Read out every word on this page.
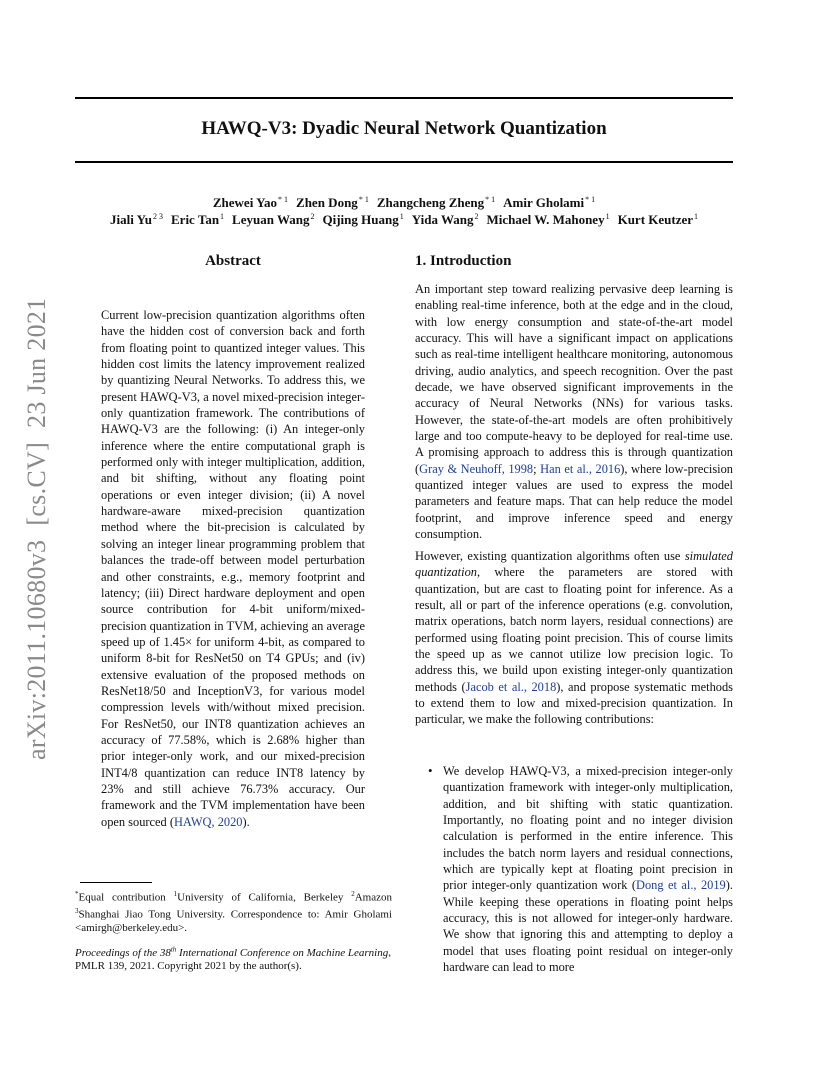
HAWQ-V3: Dyadic Neural Network Quantization
Zhewei Yao$^{* 1}$ Zhen Dong$^{* 1}$ Zhangcheng Zheng$^{* 1}$ Amir Gholami$^{* 1}$
Jiali $Yu^{2 3}$ Eric Tan$^1$ Leyuan Wang$^2$ Qijing Huang$^1$ Yida Wang$^2$ Michael W. Mahoney$^1$ Kurt Keutzer$^1$
arXiv:2011.10680v3[cs.CV]23 Jun 2021
Abstract

Current low-precision quantization algorithms often have the hidden cost of conversion back and forth from floating point to quantized integer values. This hidden cost limits the latency improvement realized by quantizing Neural Networks. To address this, we present HAWQ-V3, a novel mixed-precision integer-only quantization framework. The contributions of HAWQ-V3 are the following: (i) An integer-only inference where the entire computational graph is performed only with integer multiplication, addition, and bit shifting, without any floating point operations or even integer division; (ii) A novel hardware-aware mixed-precision quantization method where the bit-precision is calculated by solving an integer linear programming problem that balances the trade-off between model perturbation and other constraints, e.g., memory footprint and latency; (iii) Direct hardware deployment and open source contribution for 4-bit uniform/mixed-precision quantization in TVM, achieving an average speed up of 1.45× for uniform 4-bit, as compared to uniform 8-bit for ResNet50 on T4 GPUs; and (iv) extensive evaluation of the proposed methods on ResNet18/50 and InceptionV3, for various model compression levels with/without mixed precision. For ResNet50, our INT8 quantization achieves an accuracy of 77.58%, which is 2.68% higher than prior integer-only work, and our mixed-precision INT4/8 quantization can reduce INT8 latency by 23% and still achieve 76.73% accuracy. Our framework and the TVM implementation have been open sourced (HAWQ, 2020).

1. Introduction

An important step toward realizing pervasive deep learning is enabling real-time inference, both at the edge and in the cloud, with low energy consumption and state-of-the-art model accuracy. This will have a significant impact on applications such as real-time intelligent healthcare monitoring, autonomous driving, audio analytics, and speech recognition. Over the past decade, we have observed significant improvements in the accuracy of Neural Networks (NNs) for various tasks. However, the state-of-the-art models are often prohibitively large and too compute-heavy to be deployed for real-time use. A promising approach to address this is through quantization (Gray & Neuhoff, 1998; Han et al., 2016), where low-precision quantized integer values are used to express the model parameters and feature maps. That can help reduce the model footprint, and improve inference speed and energy consumption.

However, existing quantization algorithms often use simulated quantization, where the parameters are stored with quantization, but are cast to floating point for inference. As a result, all or part of the inference operations (e.g. convolution, matrix operations, batch norm layers, residual connections) are performed using floating point precision. This of course limits the speed up as we cannot utilize low precision logic. To address this, we build upon existing integer-only quantization methods (Jacob et al., 2018), and propose systematic methods to extend them to low and mixed-precision quantization. In particular, we make the following contributions:

• We develop HAWQ-V3, a mixed-precision integer-only quantization framework with integer-only multiplication, addition, and bit shifting with static quantization. Importantly, no floating point and no integer division calculation is performed in the entire inference. This includes the batch norm layers and residual connections, which are typically kept at floating point precision in prior integer-only quantization work (Dong et al., 2019). While keeping these operations in floating point helps accuracy, this is not allowed for integer-only hardware. We show that ignoring this and attempting to deploy a model that uses floating point residual on integer-only hardware can lead to more

*Equal contribution $^1$University of California, Berkeley $^2$Amazon $^3$Shanghai Jiao Tong University. Correspondence to: Amir Gholami <amirgh@berkeley.edu>.
Proceedings of the 38th International Conference on Machine Learning, PMLR 139, 2021. Copyright 2021 by the author(s).
